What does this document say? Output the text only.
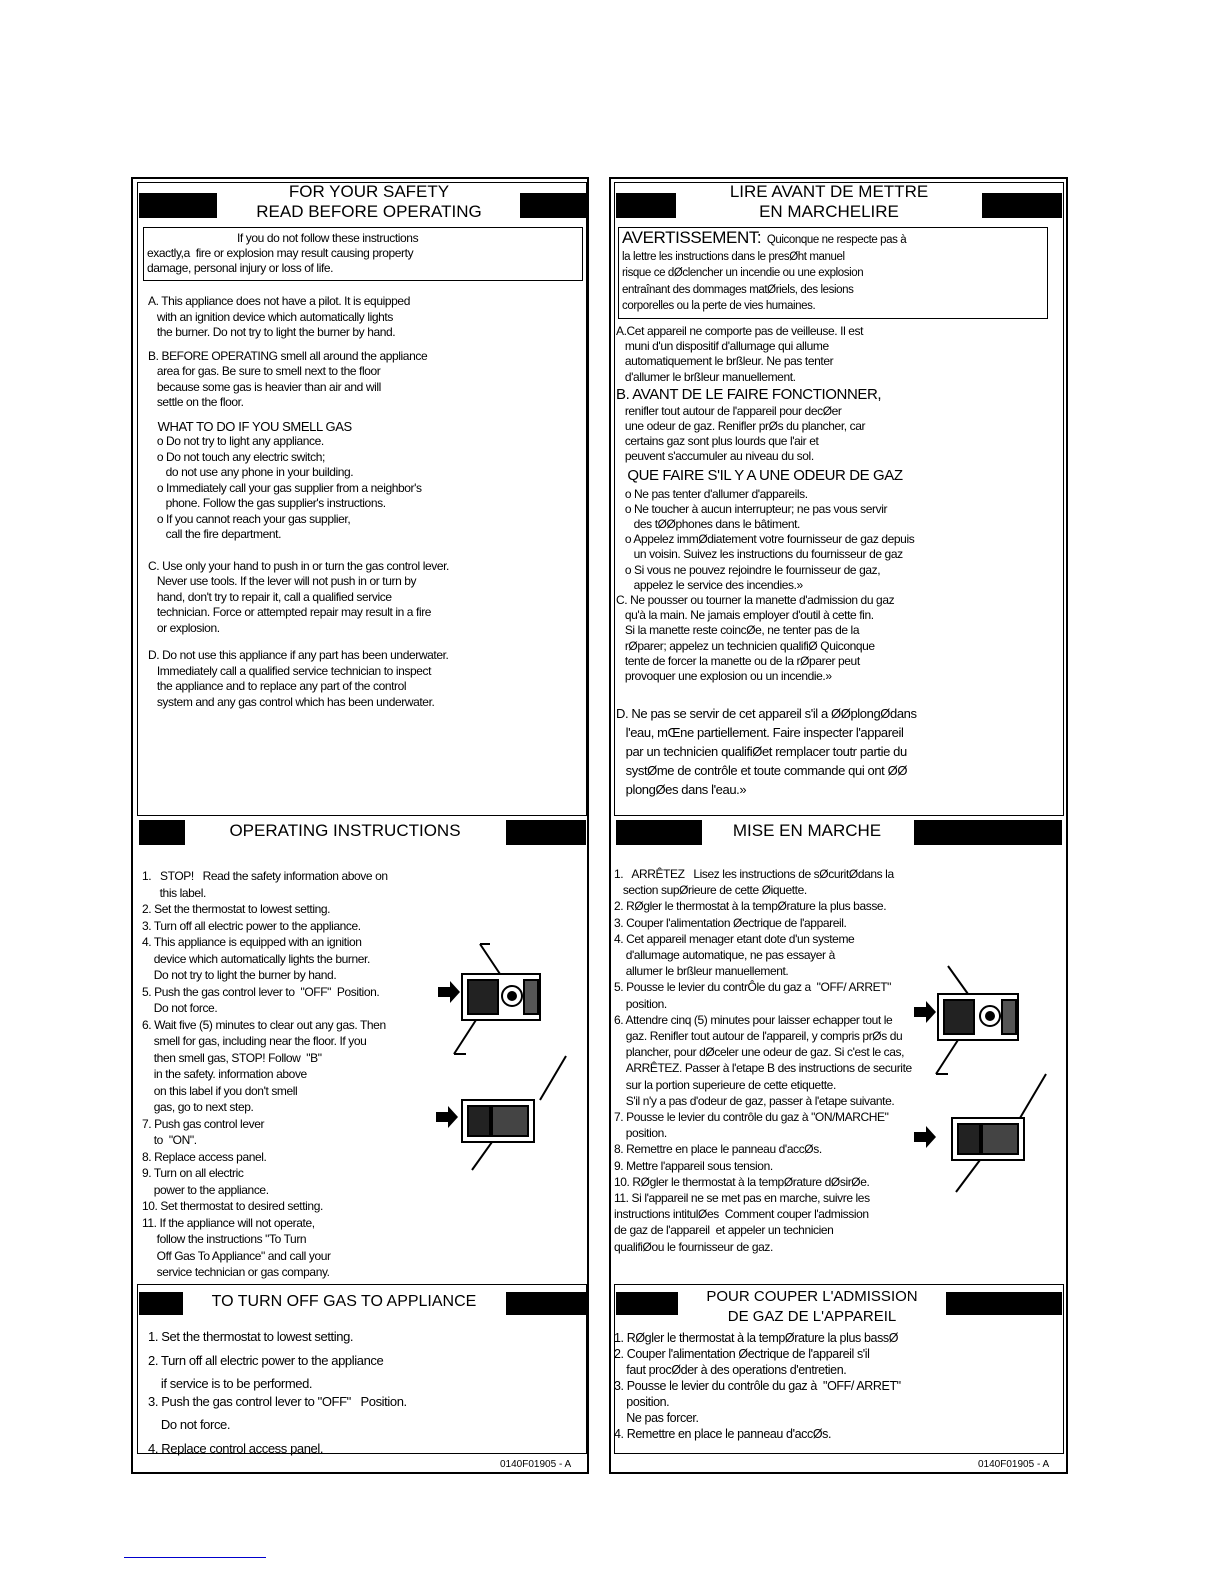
FOR YOUR SAFETY
READ BEFORE OPERATING

If you do not follow these instructions

exactly,a  fire or explosion may result causing property

damage, personal injury or loss of life.

A. This appliance does not have a pilot. It is equipped

with an ignition device which automatically lights

the burner. Do not try to light the burner by hand.

B. BEFORE OPERATING smell all around the appliance

area for gas. Be sure to smell next to the floor

because some gas is heavier than air and will

settle on the floor.

WHAT TO DO IF YOU SMELL GAS

o Do not try to light any appliance.

o Do not touch any electric switch;

do not use any phone in your building.

o Immediately call your gas supplier from a neighbor's

phone. Follow the gas supplier's instructions.

o If you cannot reach your gas supplier,

call the fire department.

C. Use only your hand to push in or turn the gas control lever.

Never use tools. If the lever will not push in or turn by

hand, don't try to repair it, call a qualified service

technician. Force or attempted repair may result in a fire

or explosion.

D. Do not use this appliance if any part has been underwater.

Immediately call a qualified service technician to inspect

the appliance and to replace any part of the control

system and any gas control which has been underwater.

OPERATING INSTRUCTIONS

1.   STOP!   Read the safety information above on

this label.

2. Set the thermostat to lowest setting.

3. Turn off all electric power to the appliance.

4. This appliance is equipped with an ignition

device which automatically lights the burner.

Do not try to light the burner by hand.

5. Push the gas control lever to  "OFF"  Position.

Do not force.

6. Wait five (5) minutes to clear out any gas. Then

smell for gas, including near the floor. If you

then smell gas, STOP! Follow  "B"

in the safety. information above

on this label if you don't smell

gas, go to next step.

7. Push gas control lever

to  "ON".

8. Replace access panel.

9. Turn on all electric

power to the appliance.

10. Set thermostat to desired setting.

11. If the appliance will not operate,

follow the instructions "To Turn

Off Gas To Appliance" and call your

service technician or gas company.

TO TURN OFF GAS TO APPLIANCE

1. Set the thermostat to lowest setting.

2. Turn off all electric power to the appliance

if service is to be performed.

3. Push the gas control lever to "OFF"   Position.

Do not force.

4. Replace control access panel.

0140F01905 - A
LIRE AVANT DE METTRE
EN MARCHELIRE

AVERTISSEMENT: Quiconque ne respecte pas à

la lettre les instructions dans le presØht manuel

risque ce dØclencher un incendie ou une explosion

entraînant des dommages matØriels, des lesions

corporelles ou la perte de vies humaines.

A.Cet appareil ne comporte pas de veilleuse. Il est

muni d'un dispositif d'allumage qui allume

automatiquement le brßleur. Ne pas tenter

d'allumer le brßleur manuellement.

B. AVANT DE LE FAIRE FONCTIONNER,

renifler tout autour de l'appareil pour decØer

une odeur de gaz. Renifler prØs du plancher, car

certains gaz sont plus lourds que l'air et

peuvent s'accumuler au niveau du sol.

QUE FAIRE S'IL Y A UNE ODEUR DE GAZ

o Ne pas tenter d'allumer d'appareils.

o Ne toucher à aucun interrupteur; ne pas vous servir

des tØØphones dans le bâtiment.

o Appelez immØdiatement votre fournisseur de gaz depuis

un voisin. Suivez les instructions du fournisseur de gaz

o Si vous ne pouvez rejoindre le fournisseur de gaz,

appelez le service des incendies.»

C. Ne pousser ou tourner la manette d'admission du gaz

qu'à la main. Ne jamais employer d'outil à cette fin.

Si la manette reste coincØe, ne tenter pas de la

rØparer; appelez un technicien qualifiØ Quiconque

tente de forcer la manette ou de la rØparer peut

provoquer une explosion ou un incendie.»

D. Ne pas se servir de cet appareil s'il a ØØplongØdans

l'eau, mŒne partiellement. Faire inspecter l'appareil

par un technicien qualifiØet remplacer toutr partie du

systØme de contrôle et toute commande qui ont ØØ

plongØes dans l'eau.»

MISE EN MARCHE

1.   ARRÊTEZ   Lisez les instructions de sØcuritØdans la

section supØrieure de cette Øiquette.

2. RØgler le thermostat à la tempØrature la plus basse.

3. Couper l'alimentation Øectrique de l'appareil.

4. Cet appareil menager etant dote d'un systeme

d'allumage automatique, ne pas essayer à

allumer le brßleur manuellement.

5. Pousse le levier du contrÔle du gaz a  "OFF/ ARRET"

position.

6. Attendre cinq (5) minutes pour laisser echapper tout le

gaz. Renifler tout autour de l'appareil, y compris prØs du

plancher, pour dØceler une odeur de gaz. Si c'est le cas,

ARRÊTEZ. Passer à l'etape B des instructions de securite

sur la portion superieure de cette etiquette.

S'il n'y a pas d'odeur de gaz, passer à l'etape suivante.

7. Pousse le levier du contrôle du gaz à "ON/MARCHE"

position.

8. Remettre en place le panneau d'accØs.

9. Mettre l'appareil sous tension.

10. RØgler le thermostat à la tempØrature dØsirØe.

11. Si l'appareil ne se met pas en marche, suivre les

instructions intitulØes  Comment couper l'admission

de gaz de l'appareil  et appeler un technicien

qualifiØou le fournisseur de gaz.

POUR COUPER L'ADMISSION
DE GAZ DE L'APPAREIL

1. RØgler le thermostat à la tempØrature la plus bassØ

2. Couper l'alimentation Øectrique de l'appareil s'il

faut procØder à des operations d'entretien.

3. Pousse le levier du contrôle du gaz à  "OFF/ ARRET"

position.

Ne pas forcer.

4. Remettre en place le panneau d'accØs.

0140F01905 - A
